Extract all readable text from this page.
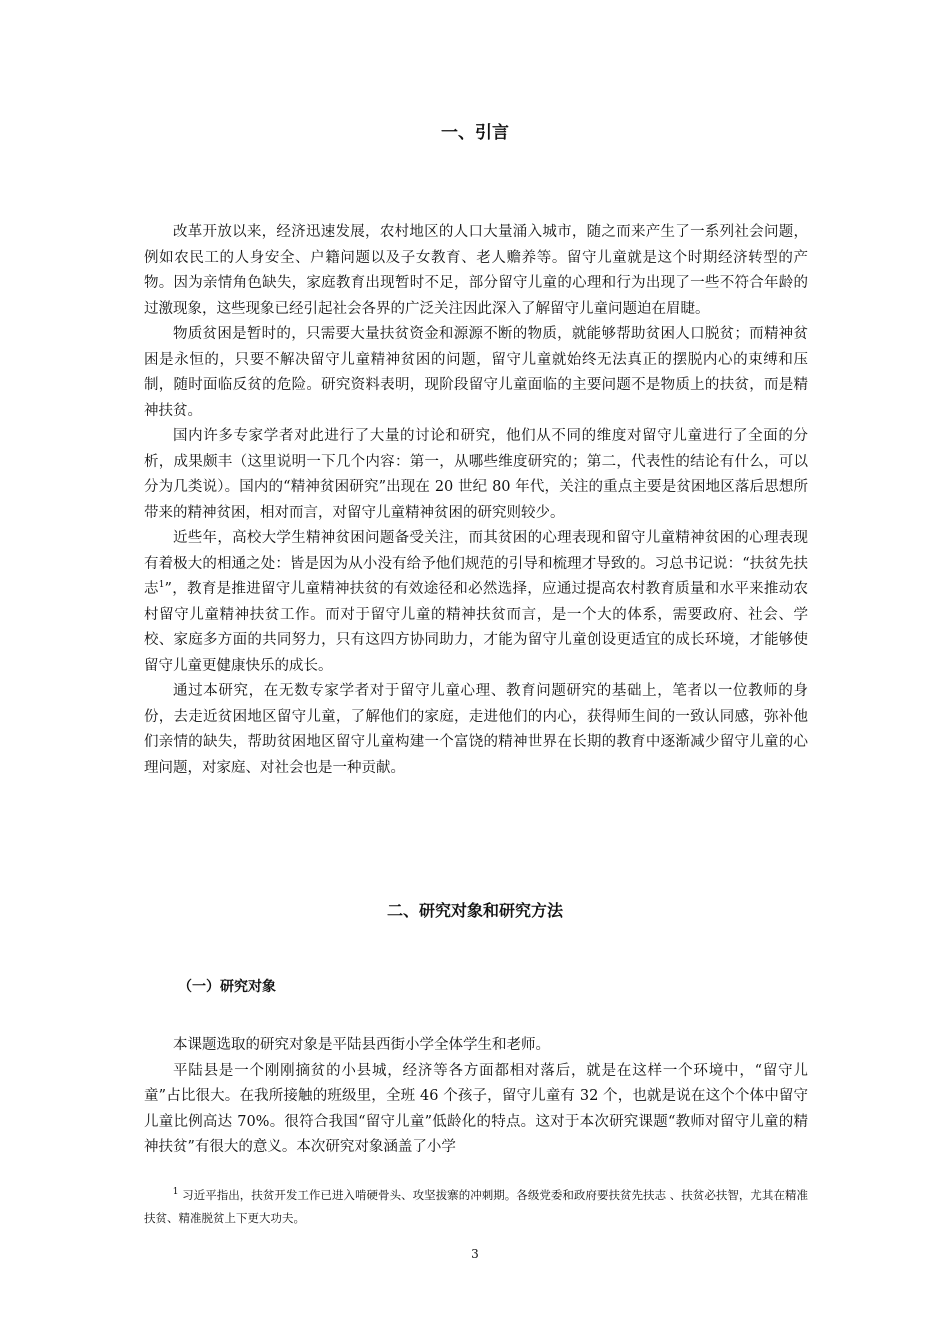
一、引言

改革开放以来，经济迅速发展，农村地区的人口大量涌入城市，随之而来产生了一系列社会问题，例如农民工的人身安全、户籍问题以及子女教育、老人赡养等。留守儿童就是这个时期经济转型的产物。因为亲情角色缺失，家庭教育出现暂时不足，部分留守儿童的心理和行为出现了一些不符合年龄的过激现象，这些现象已经引起社会各界的广泛关注因此深入了解留守儿童问题迫在眉睫。

物质贫困是暂时的，只需要大量扶贫资金和源源不断的物质，就能够帮助贫困人口脱贫；而精神贫困是永恒的，只要不解决留守儿童精神贫困的问题，留守儿童就始终无法真正的摆脱内心的束缚和压制，随时面临反贫的危险。研究资料表明，现阶段留守儿童面临的主要问题不是物质上的扶贫，而是精神扶贫。

国内许多专家学者对此进行了大量的讨论和研究，他们从不同的维度对留守儿童进行了全面的分析，成果颇丰（这里说明一下几个内容：第一，从哪些维度研究的；第二，代表性的结论有什么，可以分为几类说）。国内的“精神贫困研究”出现在 20 世纪 80 年代，关注的重点主要是贫困地区落后思想所带来的精神贫困，相对而言，对留守儿童精神贫困的研究则较少。

近些年，高校大学生精神贫困问题备受关注，而其贫困的心理表现和留守儿童精神贫困的心理表现有着极大的相通之处：皆是因为从小没有给予他们规范的引导和梳理才导致的。习总书记说：“扶贫先扶志$^1$”，教育是推进留守儿童精神扶贫的有效途径和必然选择，应通过提高农村教育质量和水平来推动农村留守儿童精神扶贫工作。而对于留守儿童的精神扶贫而言，是一个大的体系，需要政府、社会、学校、家庭多方面的共同努力，只有这四方协同助力，才能为留守儿童创设更适宜的成长环境，才能够使留守儿童更健康快乐的成长。

通过本研究，在无数专家学者对于留守儿童心理、教育问题研究的基础上，笔者以一位教师的身份，去走近贫困地区留守儿童，了解他们的家庭，走进他们的内心，获得师生间的一致认同感，弥补他们亲情的缺失，帮助贫困地区留守儿童构建一个富饶的精神世界在长期的教育中逐渐减少留守儿童的心理问题，对家庭、对社会也是一种贡献。

二、研究对象和研究方法
（一）研究对象

本课题选取的研究对象是平陆县西街小学全体学生和老师。

平陆县是一个刚刚摘贫的小县城，经济等各方面都相对落后，就是在这样一个环境中，“留守儿童”占比很大。在我所接触的班级里，全班 46 个孩子，留守儿童有 32 个，也就是说在这个个体中留守儿童比例高达 70%。很符合我国“留守儿童”低龄化的特点。这对于本次研究课题“教师对留守儿童的精神扶贫”有很大的意义。本次研究对象涵盖了小学

$^1$ 习近平指出，扶贫开发工作已进入啃硬骨头、攻坚拔寨的冲刺期。各级党委和政府要扶贫先扶志 、扶贫必扶智，尤其在精准扶贫、精准脱贫上下更大功夫。

3
